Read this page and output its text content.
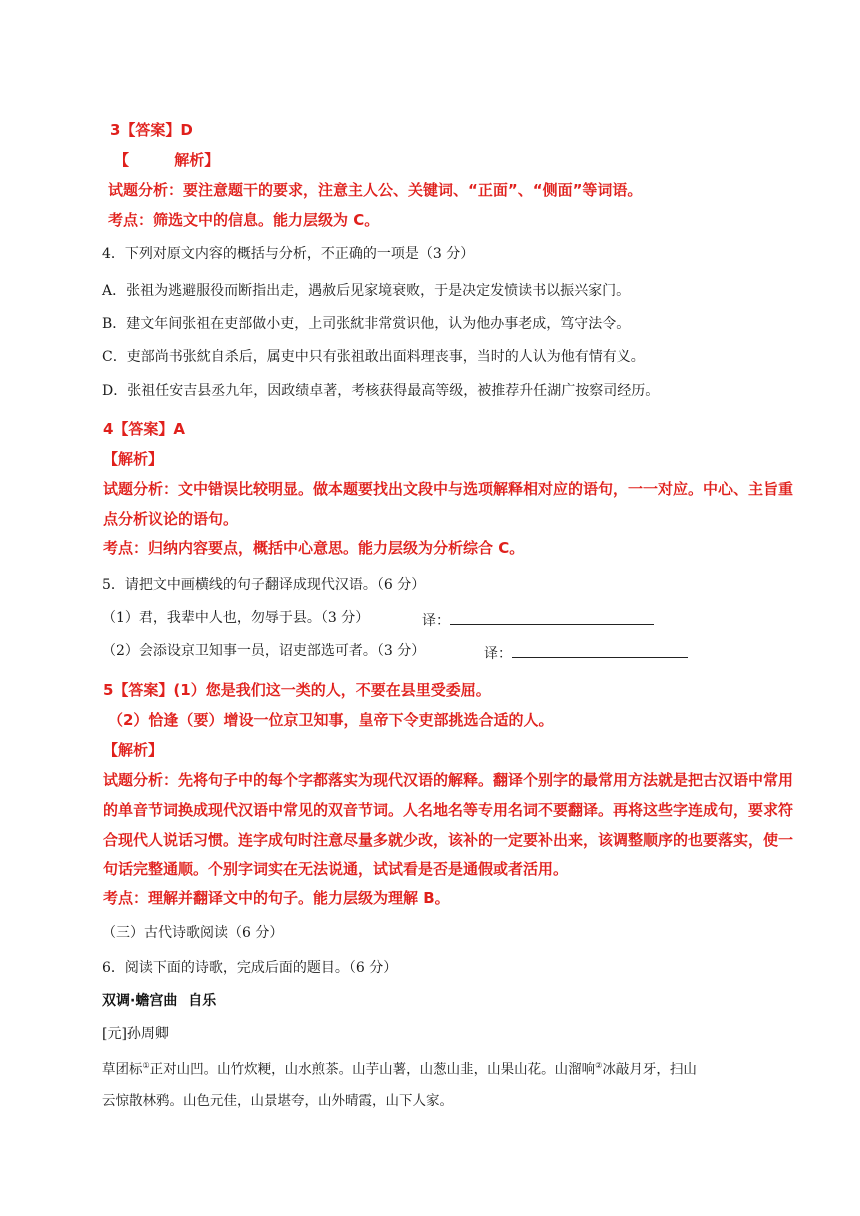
3【答案】D
【 解析】
试题分析：要注意题干的要求，注意主人公、关键词、“正面”、“侧面”等词语。
考点：筛选文中的信息。能力层级为 C。
4．下列对原文内容的概括与分析，不正确的一项是（3 分）
A．张祖为逃避服役而断指出走，遇赦后见家境衰败，于是决定发愤读书以振兴家门。
B．建文年间张祖在吏部做小吏，上司张紞非常赏识他，认为他办事老成，笃守法令。
C．吏部尚书张紞自杀后，属吏中只有张祖敢出面料理丧事，当时的人认为他有情有义。
D．张祖任安吉县丞九年，因政绩卓著，考核获得最高等级，被推荐升任湖广按察司经历。
4【答案】A
【解析】
试题分析：文中错误比较明显。做本题要找出文段中与选项解释相对应的语句，一一对应。中心、主旨重
点分析议论的语句。
考点：归纳内容要点，概括中心意思。能力层级为分析综合 C。
5．请把文中画横线的句子翻译成现代汉语。（6 分）
（1）君，我辈中人也，勿辱于县。（3 分）	译：
（2）会添设京卫知事一员，诏吏部选可者。（3 分）	译：
5【答案】(1）您是我们这一类的人，不要在县里受委屈。
（2）恰逢（要）增设一位京卫知事，皇帝下令吏部挑选合适的人。
【解析】
试题分析：先将句子中的每个字都落实为现代汉语的解释。翻译个别字的最常用方法就是把古汉语中常用
的单音节词换成现代汉语中常见的双音节词。人名地名等专用名词不要翻译。再将这些字连成句，要求符
合现代人说话习惯。连字成句时注意尽量多就少改，该补的一定要补出来，该调整顺序的也要落实，使一
句话完整通顺。个别字词实在无法说通，试试看是否是通假或者活用。
考点：理解并翻译文中的句子。能力层级为理解 B。
（三）古代诗歌阅读（6 分）
6．阅读下面的诗歌，完成后面的题目。（6 分）
双调·蟾宫曲 自乐
[元]孙周卿
草团标①正对山凹。山竹炊粳，山水煎茶。山芋山薯，山葱山韭，山果山花。山溜响②冰敲月牙，扫山
云惊散林鸦。山色元佳，山景堪夸，山外晴霞，山下人家。
